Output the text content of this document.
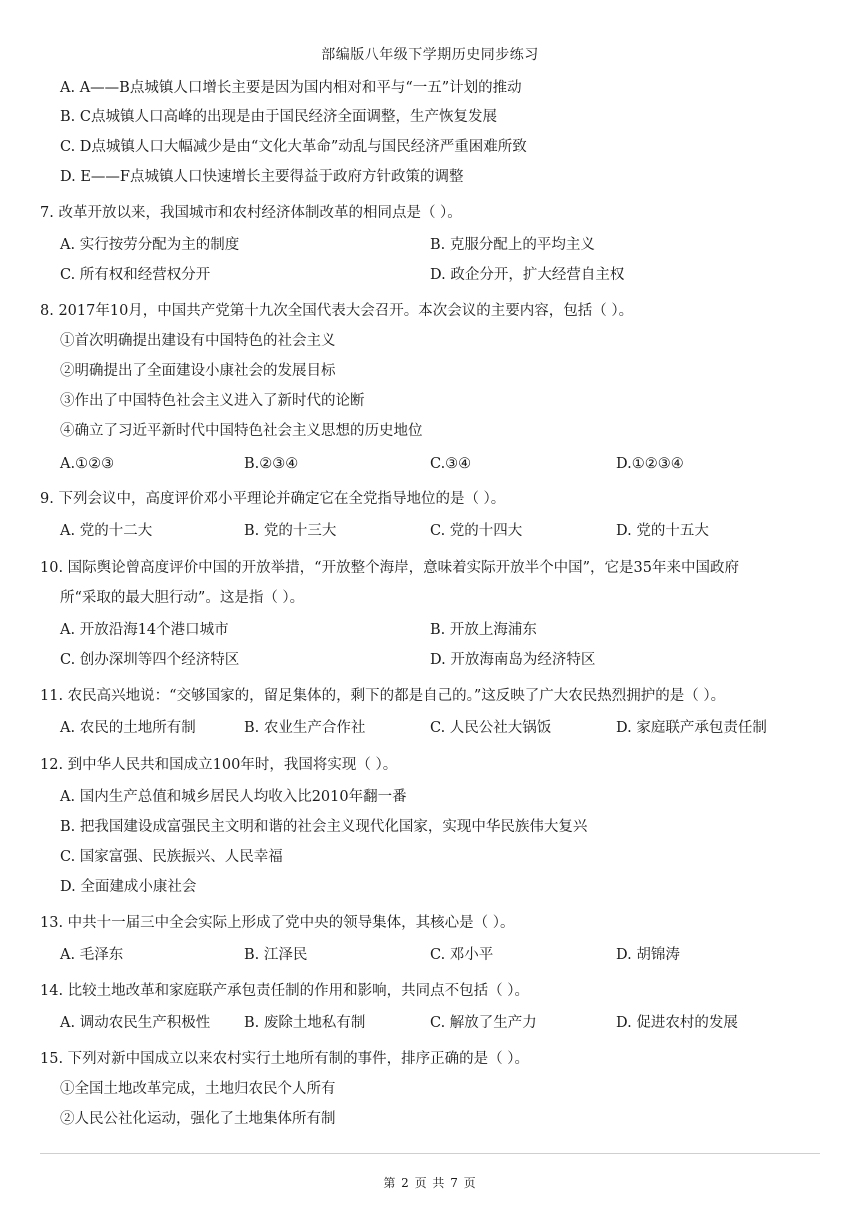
部编版八年级下学期历史同步练习
A. A——B点城镇人口增长主要是因为国内相对和平与“一五”计划的推动
B. C点城镇人口高峰的出现是由于国民经济全面调整，生产恢复发展
C. D点城镇人口大幅减少是由“文化大革命”动乱与国民经济严重困难所致
D. E——F点城镇人口快速增长主要得益于政府方针政策的调整
7. 改革开放以来，我国城市和农村经济体制改革的相同点是（ ）。
A. 实行按劳分配为主的制度	B. 克服分配上的平均主义
C. 所有权和经营权分开	D. 政企分开，扩大经营自主权
8. 2017年10月，中国共产党第十九次全国代表大会召开。本次会议的主要内容，包括（ ）。
①首次明确提出建设有中国特色的社会主义
②明确提出了全面建设小康社会的发展目标
③作出了中国特色社会主义进入了新时代的论断
④确立了习近平新时代中国特色社会主义思想的历史地位
A.①②③	B.②③④	C.③④	D.①②③④
9. 下列会议中，高度评价邓小平理论并确定它在全党指导地位的是（ ）。
A. 党的十二大	B. 党的十三大	C. 党的十四大	D. 党的十五大
10. 国际舆论曾高度评价中国的开放举措，“开放整个海岸，意味着实际开放半个中国”，它是35年来中国政府
所“采取的最大胆行动”。这是指（ ）。
A. 开放沿海14个港口城市	B. 开放上海浦东
C. 创办深圳等四个经济特区	D. 开放海南岛为经济特区
11. 农民高兴地说：“交够国家的，留足集体的，剩下的都是自己的。”这反映了广大农民热烈拥护的是（ ）。
A. 农民的土地所有制	B. 农业生产合作社	C. 人民公社大锅饭	D. 家庭联产承包责任制
12. 到中华人民共和国成立100年时，我国将实现（ ）。
A. 国内生产总值和城乡居民人均收入比2010年翻一番
B. 把我国建设成富强民主文明和谐的社会主义现代化国家，实现中华民族伟大复兴
C. 国家富强、民族振兴、人民幸福
D. 全面建成小康社会
13. 中共十一届三中全会实际上形成了党中央的领导集体，其核心是（ ）。
A. 毛泽东	B. 江泽民	C. 邓小平	D. 胡锦涛
14. 比较土地改革和家庭联产承包责任制的作用和影响，共同点不包括（ ）。
A. 调动农民生产积极性 B. 废除土地私有制	C. 解放了生产力	D. 促进农村的发展
15. 下列对新中国成立以来农村实行土地所有制的事件，排序正确的是（ ）。
①全国土地改革完成，土地归农民个人所有
②人民公社化运动，强化了土地集体所有制
第 2 页 共 7 页
